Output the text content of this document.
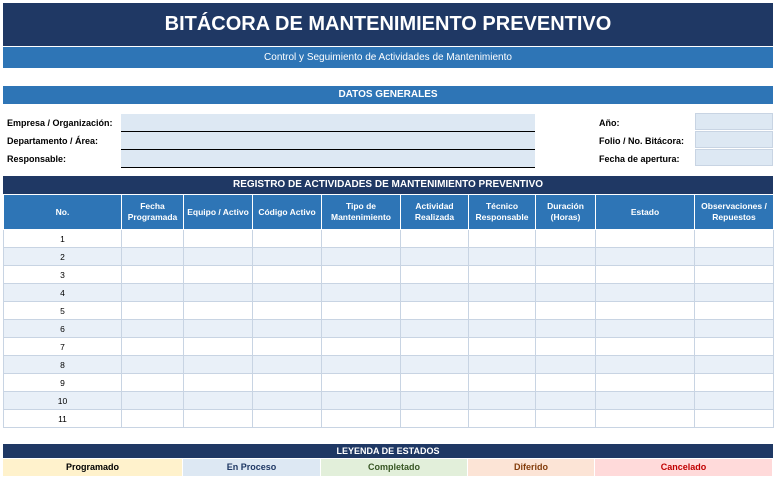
BITÁCORA DE MANTENIMIENTO PREVENTIVO
Control y Seguimiento de Actividades de Mantenimiento
DATOS GENERALES
Empresa / Organización:
Departamento / Área:
Responsable:
Año:
Folio / No. Bitácora:
Fecha de apertura:
REGISTRO DE ACTIVIDADES DE MANTENIMIENTO PREVENTIVO
No.	Fecha Programada	Equipo / Activo	Código Activo	Tipo de Mantenimiento	Actividad Realizada	Técnico Responsable	Duración (Horas)	Estado	Observaciones / Repuestos
1									
2									
3									
4									
5									
6									
7									
8									
9									
10									
11									
LEYENDA DE ESTADOS
Programado	En Proceso	Completado	Diferido	Cancelado
